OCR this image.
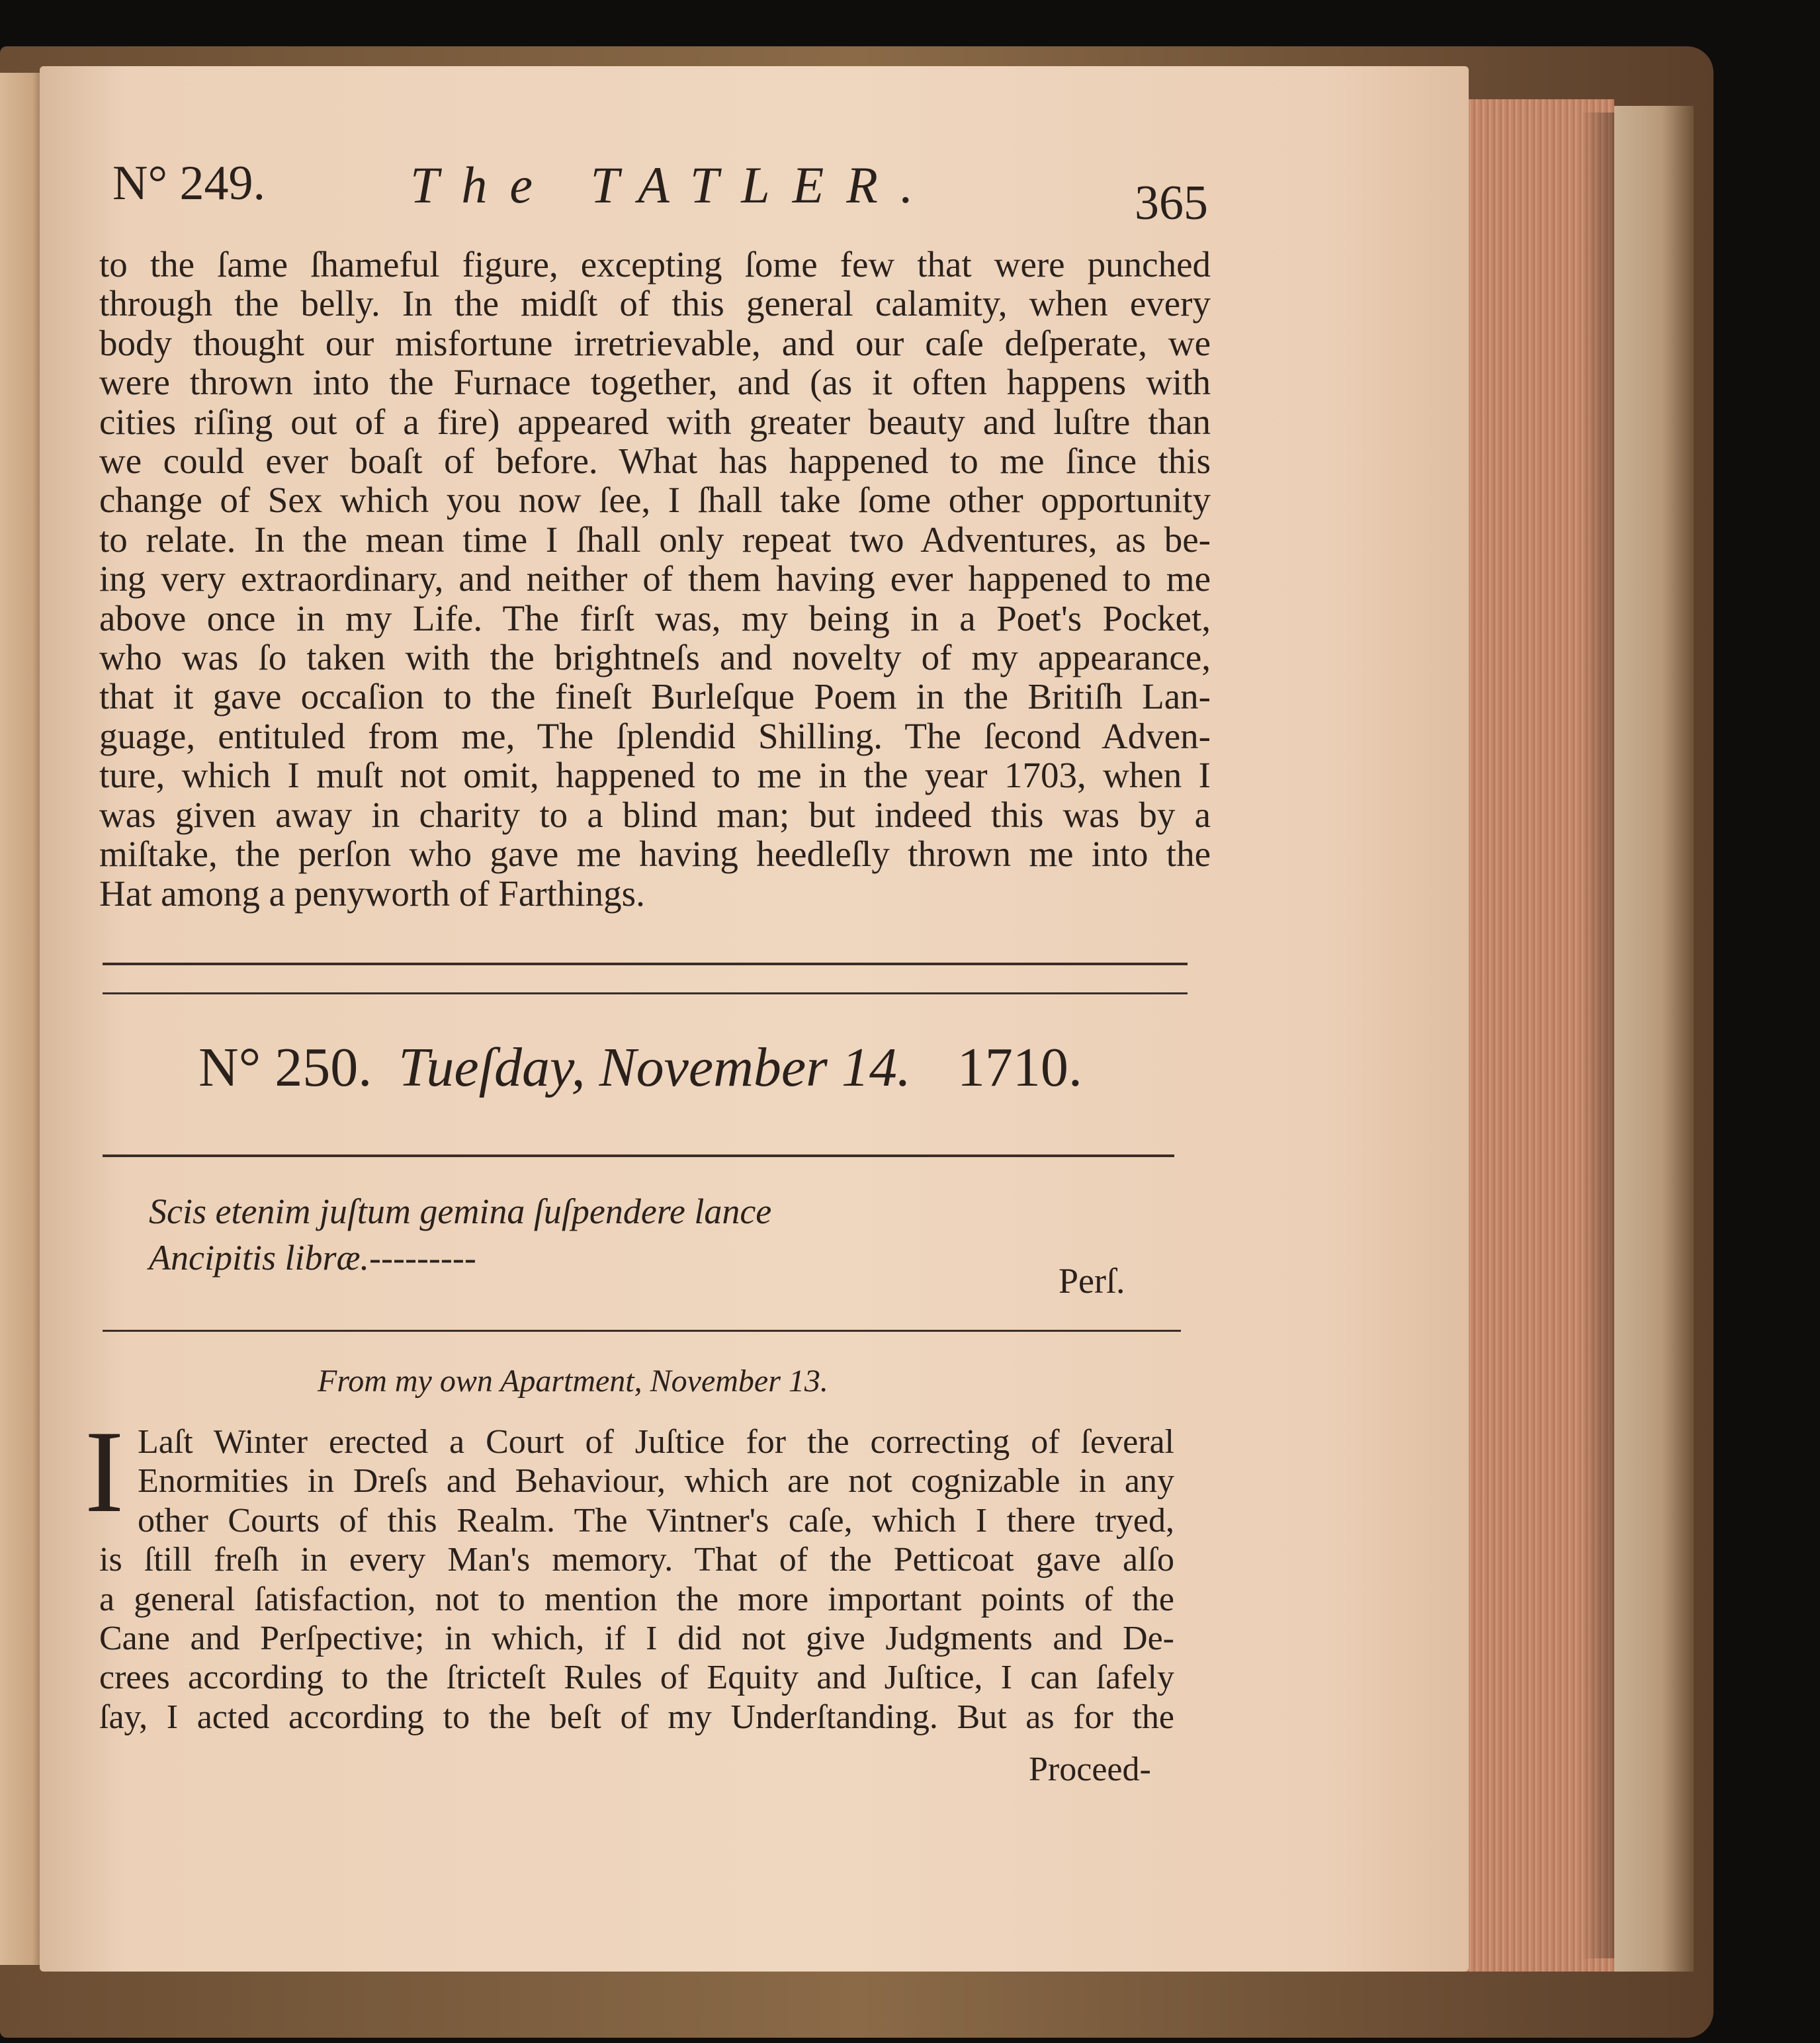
N° 249.	The TATLER.	365
to the ſame ſhameful figure, excepting ſome few that were punched
through the belly. In the midſt of this general calamity, when every
body thought our misfortune irretrievable, and our caſe deſperate, we
were thrown into the Furnace together, and (as it often happens with
cities riſing out of a fire) appeared with greater beauty and luſtre than
we could ever boaſt of before. What has happened to me ſince this
change of Sex which you now ſee, I ſhall take ſome other opportunity
to relate. In the mean time I ſhall only repeat two Adventures, as be-
ing very extraordinary, and neither of them having ever happened to me
above once in my Life. The firſt was, my being in a Poet's Pocket,
who was ſo taken with the brightneſs and novelty of my appearance,
that it gave occaſion to the fineſt Burleſque Poem in the Britiſh Lan-
guage, entituled from me, The ſplendid Shilling. The ſecond Adven-
ture, which I muſt not omit, happened to me in the year 1703, when I
was given away in charity to a blind man; but indeed this was by a
miſtake, the perſon who gave me having heedleſly thrown me into the
Hat among a penyworth of Farthings.
N° 250. Tueſday, November 14. 1710.
Scis etenim juſtum gemina ſuſpendere lance
Ancipitis libræ.---------
Perſ.
From my own Apartment, November 13.
I Laſt Winter erected a Court of Juſtice for the correcting of ſeveral
Enormities in Dreſs and Behaviour, which are not cognizable in any
other Courts of this Realm. The Vintner's caſe, which I there tryed,
is ſtill freſh in every Man's memory. That of the Petticoat gave alſo
a general ſatisfaction, not to mention the more important points of the
Cane and Perſpective; in which, if I did not give Judgments and De-
crees according to the ſtricteſt Rules of Equity and Juſtice, I can ſafely
ſay, I acted according to the beſt of my Underſtanding. But as for the
Proceed-
